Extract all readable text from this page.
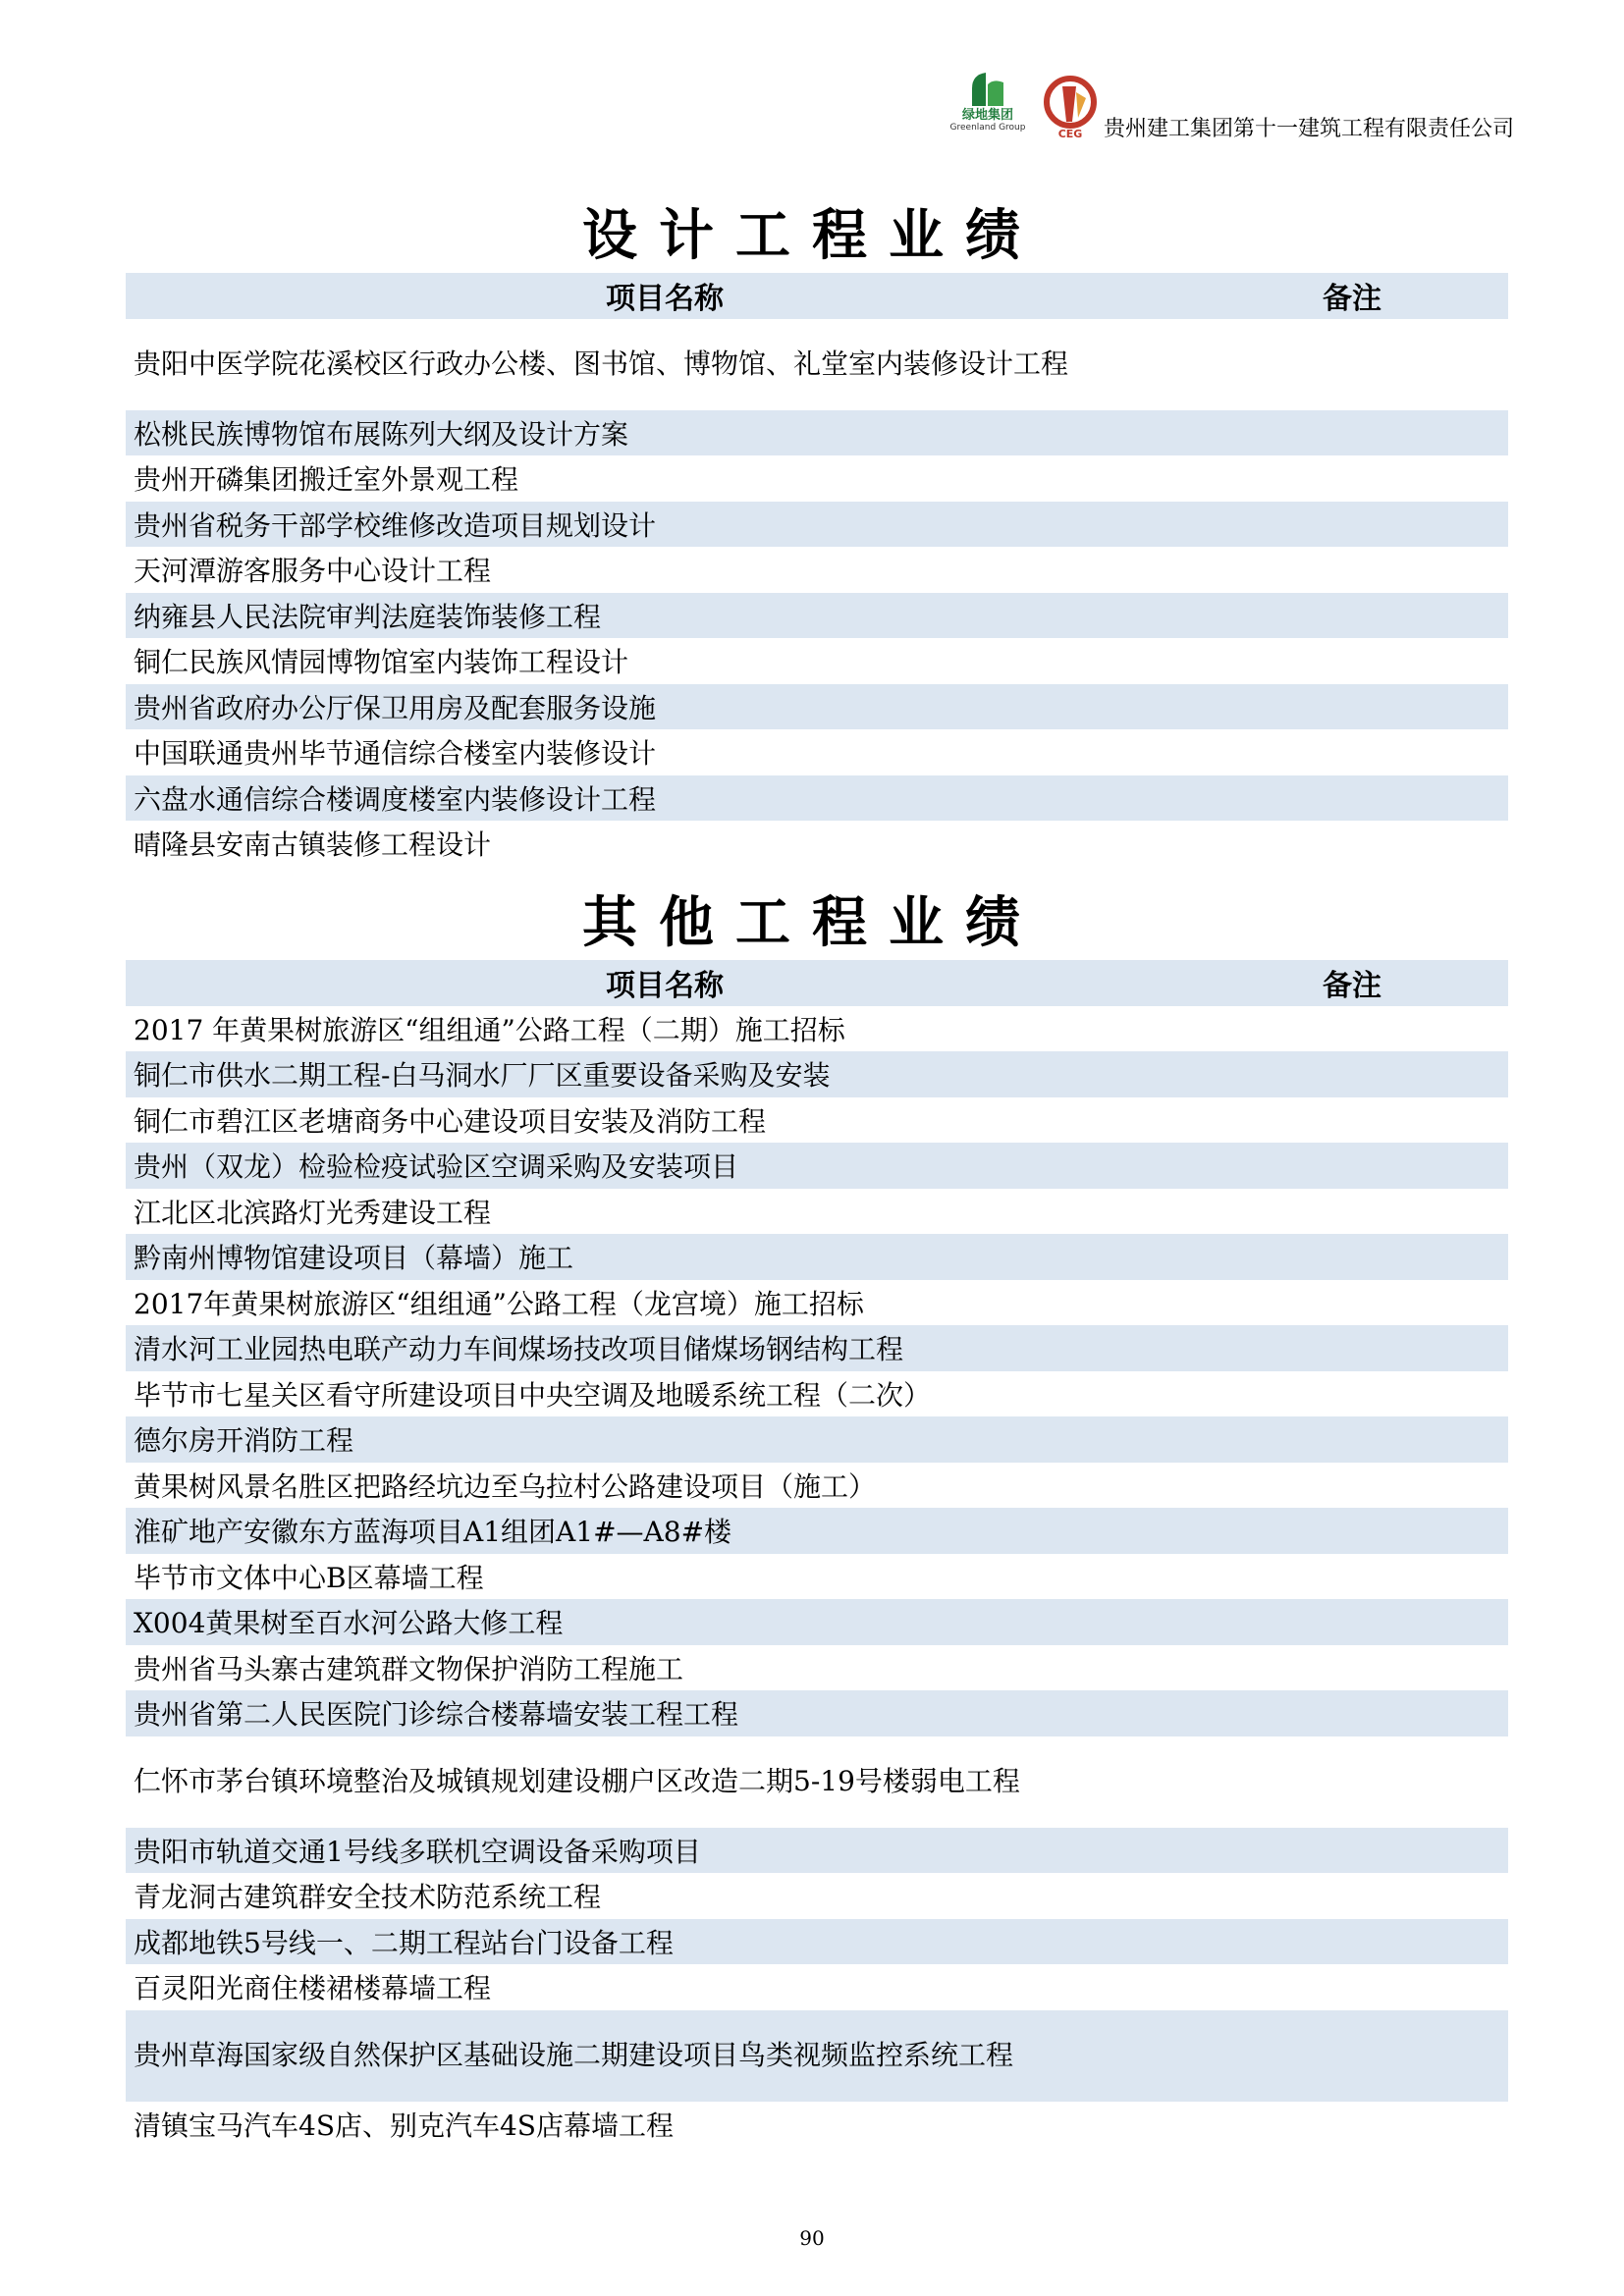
绿地集团
Greenland Group	CEG 贵州建工集团第十一建筑工程有限责任公司
设计工程业绩
项目名称	备注
贵阳中医学院花溪校区行政办公楼、图书馆、博物馆、礼堂室内装修设计工程
松桃民族博物馆布展陈列大纲及设计方案
贵州开磷集团搬迁室外景观工程
贵州省税务干部学校维修改造项目规划设计
天河潭游客服务中心设计工程
纳雍县人民法院审判法庭装饰装修工程
铜仁民族风情园博物馆室内装饰工程设计
贵州省政府办公厅保卫用房及配套服务设施
中国联通贵州毕节通信综合楼室内装修设计
六盘水通信综合楼调度楼室内装修设计工程
晴隆县安南古镇装修工程设计
其他工程业绩
项目名称	备注
2017 年黄果树旅游区“组组通”公路工程（二期）施工招标
铜仁市供水二期工程-白马洞水厂厂区重要设备采购及安装
铜仁市碧江区老塘商务中心建设项目安装及消防工程
贵州（双龙）检验检疫试验区空调采购及安装项目
江北区北滨路灯光秀建设工程
黔南州博物馆建设项目（幕墙）施工
2017年黄果树旅游区“组组通”公路工程（龙宫境）施工招标
清水河工业园热电联产动力车间煤场技改项目储煤场钢结构工程
毕节市七星关区看守所建设项目中央空调及地暖系统工程（二次）
德尔房开消防工程
黄果树风景名胜区把路经坑边至乌拉村公路建设项目（施工）
淮矿地产安徽东方蓝海项目A1组团A1#—A8#楼
毕节市文体中心B区幕墙工程
X004黄果树至百水河公路大修工程
贵州省马头寨古建筑群文物保护消防工程施工
贵州省第二人民医院门诊综合楼幕墙安装工程工程
仁怀市茅台镇环境整治及城镇规划建设棚户区改造二期5-19号楼弱电工程
贵阳市轨道交通1号线多联机空调设备采购项目
青龙洞古建筑群安全技术防范系统工程
成都地铁5号线一、二期工程站台门设备工程
百灵阳光商住楼裙楼幕墙工程
贵州草海国家级自然保护区基础设施二期建设项目鸟类视频监控系统工程
清镇宝马汽车4S店、别克汽车4S店幕墙工程
90
